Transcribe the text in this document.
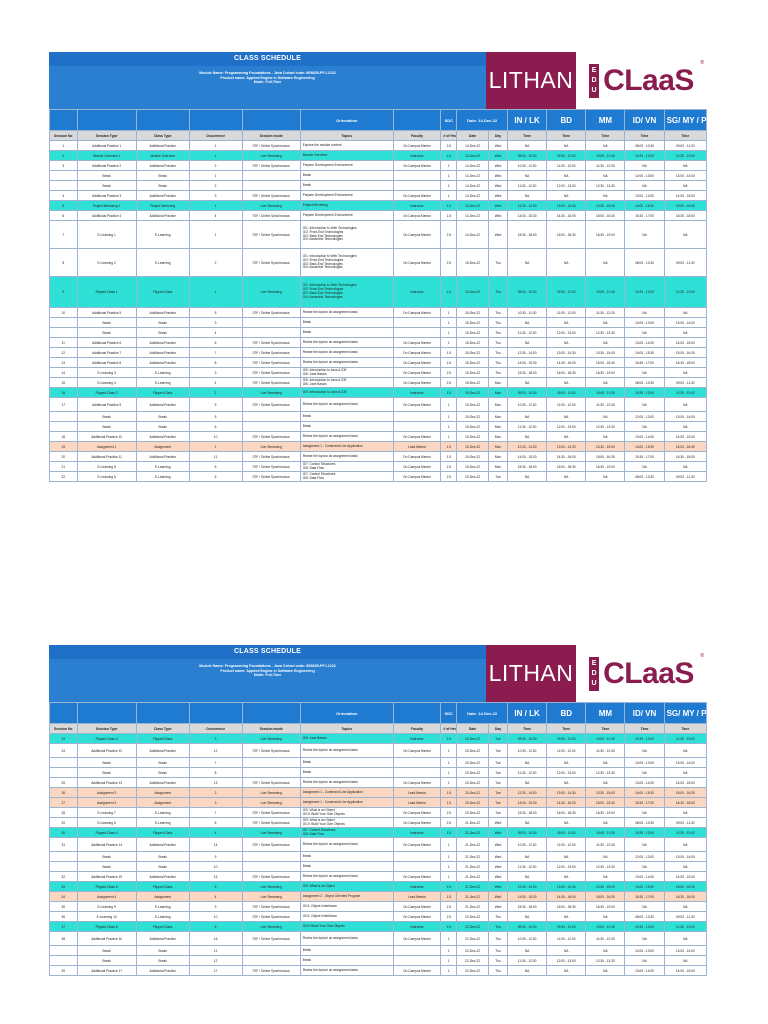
CLASS SCHEDULE
Module Name: Programming Foundations - Java Cohort code: 80982B-PFJ-1222
Product name: Applied Engine in Software Engineering
Mode: Full-Time	LITHAN	E
D
U CLaaS
®
					Orientation		SDC	Date: 14-Dec-22		IN / LK	BD	MM	ID/ VN	SG/ MY / PH / CN
Session No	Session Type	Class Type	Occurrence	Session mode	Topics	Faculty	# of Hrs	Date	Day	Time	Time	Time	Time	Time
1	Additional Practice 1	Additional Practice	1	F2F / Online Synchronous	Explore the module content	On Campus Mentor	2.5	14-Dec-22	Wed	NA	NA	NA	08:00 - 10:30	09:00 - 11:30
2	Module Overview 1	Module Overview	1	Live Streaming	Module Overview	Instructor	1.5	14-Dec-22	Wed	09:00 - 10:30	09:30 - 11:00	10:00 - 11:30	10:30 - 12:00	11:30 - 13:00
3	Additional Practice 2	Additional Practice	2	F2F / Online Synchronous	Prepare Development Environment	On Campus Mentor	1	14-Dec-22	Wed	10:30 - 11:30	11:00 - 12:00	11:30 - 12:30	NA	NA
	Break	Break	1		Break		1	14-Dec-22	Wed	NA	NA	NA	12:00 - 13:00	13:00 - 14:00
	Break	Break	2		Break		1	14-Dec-22	Wed	11:30 - 12:30	12:00 - 13:00	12:30 - 13:30	NA	NA
4	Additional Practice 3	Additional Practice	3	F2F / Online Synchronous	Prepare Development Environment	On Campus Mentor	1	14-Dec-22	Wed	NA	NA	NA	13:00 - 14:00	14:00 - 15:00
5	Project Mentoring 1	Project Mentoring	1	Live Streaming	Project Mentoring	Instructor	1.5	14-Dec-22	Wed	12:30 - 14:00	13:00 - 14:30	13:30 - 15:00	14:00 - 15:30	15:00 - 16:30
6	Additional Practice 4	Additional Practice	4	F2F / Online Synchronous	Prepare Development Environment	On Campus Mentor	1.5	14-Dec-22	Wed	14:00 - 15:30	14:30 - 16:00	15:00 - 16:30	15:30 - 17:00	16:30 - 18:00
7	E-Learning 1	E-Learning	1	F2F / Online Synchronous	G/1: Introduction to Web Technologies
G/2: Front-End Technologies
G/3: Back-End Technologies
G/4: Assemble Technologies	On Campus Mentor	2.5	14-Dec-22	Wed	15:30 - 18:00	16:00 - 18:30	16:30 - 19:00	NA	NA
8	E-Learning 2	E-Learning	2	F2F / Online Synchronous	G/1: Introduction to Web Technologies
G/2: Front-End Technologies
G/3: Back-End Technologies
G/4: Assemble Technologies	On Campus Mentor	2.5	15-Dec-22	Thu	NA	NA	NA	08:00 - 10:30	09:00 - 11:30
9	Flipped Class 1	Flipped Class	1	Live Streaming	G/1: Introduction to Web Technologies
G/2: Front-End Technologies
G/3: Back-End Technologies
G/4: Assemble Technologies	Instructor	1.5	15-Dec-22	Thu	09:00 - 10:30	09:30 - 11:00	10:00 - 11:30	10:30 - 12:00	11:30 - 13:00
10	Additional Practice 5	Additional Practice	5	F2F / Online Synchronous	Revise the topics/ do assignment tasks	On Campus Mentor	1	15-Dec-22	Thu	10:30 - 11:30	11:00 - 12:00	11:30 - 12:30	NA	NA
	Break	Break	3		Break		1	15-Dec-22	Thu	NA	NA	NA	12:00 - 13:00	13:00 - 14:00
	Break	Break	4		Break		1	15-Dec-22	Thu	11:30 - 12:30	12:00 - 13:00	12:30 - 13:30	NA	NA
11	Additional Practice 6	Additional Practice	6	F2F / Online Synchronous	Revise the topics/ do assignment tasks	On Campus Mentor	1	15-Dec-22	Thu	NA	NA	NA	13:00 - 14:00	14:00 - 15:00
12	Additional Practice 7	Additional Practice	7	F2F / Online Synchronous	Revise the topics/ do assignment tasks	On Campus Mentor	1.5	15-Dec-22	Thu	12:30 - 14:00	13:00 - 14:30	13:30 - 15:00	14:00 - 15:30	15:00 - 16:30
13	Additional Practice 8	Additional Practice	8	F2F / Online Synchronous	Revise the topics/ do assignment tasks	On Campus Mentor	1.5	15-Dec-22	Thu	14:00 - 15:30	14:30 - 16:00	15:00 - 16:30	15:30 - 17:00	16:30 - 18:00
14	E-Learning 3	E-Learning	3	F2F / Online Synchronous	G/5: Introduction to Java & IDE
G/6: Java Basics	On Campus Mentor	2.5	15-Dec-22	Thu	15:30 - 18:00	16:00 - 18:30	16:30 - 19:00	NA	NA
15	E-Learning 4	E-Learning	4	F2F / Online Synchronous	G/5: Introduction to Java & IDE
G/6: Java Basics	On Campus Mentor	2.5	19-Dec-22	Mon	NA	NA	NA	08:00 - 10:30	09:00 - 11:30
16	Flipped Class 2	Flipped Class	2	Live Streaming	G/5: Introduction to Java & IDE	Instructor	1.5	19-Dec-22	Mon	09:00 - 10:30	09:30 - 11:00	10:00 - 11:30	10:30 - 12:00	11:30 - 13:00
17	Additional Practice 9	Additional Practice	9	F2F / Online Synchronous	Revise the topics/ do assignment tasks	On Campus Mentor	1	19-Dec-22	Mon	10:30 - 11:30	11:00 - 12:00	11:30 - 12:30	NA	NA
	Break	Break	5		Break		1	19-Dec-22	Mon	NA	NA	NA	12:00 - 13:00	13:00 - 14:00
	Break	Break	6		Break		1	19-Dec-22	Mon	11:30 - 12:30	12:00 - 13:00	12:30 - 13:30	NA	NA
18	Additional Practice 10	Additional Practice	10	F2F / Online Synchronous	Revise the topics/ do assignment tasks	On Campus Mentor	1	19-Dec-22	Mon	NA	NA	NA	13:00 - 14:00	14:00 - 15:00
19	Assignment 1	Assignment	1	Live Streaming	Assignment 1 - Command Line Application	Lead Mentor	1.5	19-Dec-22	Mon	12:30 - 14:00	13:00 - 14:30	13:30 - 15:00	14:00 - 15:30	15:00 - 16:30
20	Additional Practice 11	Additional Practice	11	F2F / Online Synchronous	Revise the topics/ do assignment tasks	On Campus Mentor	1.5	19-Dec-22	Mon	14:00 - 15:30	14:30 - 16:00	15:00 - 16:30	15:30 - 17:00	16:30 - 18:00
21	E-Learning 5	E-Learning	5	F2F / Online Synchronous	G/7: Control Structures
G/8: Data Flow	On Campus Mentor	2.5	19-Dec-22	Mon	15:30 - 18:00	16:00 - 18:30	16:30 - 19:00	NA	NA
22	E-Learning 6	E-Learning	6	F2F / Online Synchronous	G/7: Control Structures
G/8: Data Flow	On Campus Mentor	2.5	20-Dec-22	Tue	NA	NA	NA	08:00 - 10:30	09:00 - 11:30
CLASS SCHEDULE
Module Name: Programming Foundations - Java Cohort code: 80982B-PFJ-1222
Product name: Applied Engine in Software Engineering
Mode: Full-Time	LITHAN	E
D
U CLaaS
®
					Orientation		SDC	Date: 14-Dec-22		IN / LK	BD	MM	ID/ VN	SG/ MY / PH / CN
Session No	Session Type	Class Type	Occurrence	Session mode	Topics	Faculty	# of Hrs	Date	Day	Time	Time	Time	Time	Time
23	Flipped Class 3	Flipped Class	3	Live Streaming	G/6: Java Basics	Instructor	1.5	20-Dec-22	Tue	09:00 - 10:30	09:30 - 11:00	10:00 - 11:30	10:30 - 12:00	11:30 - 13:00
24	Additional Practice 12	Additional Practice	12	F2F / Online Synchronous	Revise the topics/ do assignment tasks	On Campus Mentor	1	20-Dec-22	Tue	10:30 - 11:30	11:00 - 12:00	11:30 - 12:30	NA	NA
	Break	Break	7		Break		1	20-Dec-22	Tue	NA	NA	NA	12:00 - 13:00	13:00 - 14:00
	Break	Break	8		Break		1	20-Dec-22	Tue	11:30 - 12:30	12:00 - 13:00	12:30 - 13:30	NA	NA
25	Additional Practice 13	Additional Practice	13	F2F / Online Synchronous	Revise the topics/ do assignment tasks	On Campus Mentor	1	20-Dec-22	Tue	NA	NA	NA	13:00 - 14:00	14:00 - 15:00
26	Assignment 2	Assignment	2	Live Streaming	Assignment 1 - Command Line Application	Lead Mentor	1.5	20-Dec-22	Tue	12:30 - 14:00	13:00 - 14:30	13:30 - 15:00	14:00 - 15:30	15:00 - 16:30
27	Assignment 3	Assignment	3	Live Streaming	Assignment 1 - Command Line Application	Lead Mentor	1.5	20-Dec-22	Tue	14:00 - 15:30	14:30 - 16:00	15:00 - 16:30	15:30 - 17:00	16:30 - 18:00
28	E-Learning 7	E-Learning	7	F2F / Online Synchronous	G/9: What is an Object
G/10: Build Your Own Objects	On Campus Mentor	2.5	20-Dec-22	Tue	15:30 - 18:00	16:00 - 18:30	16:30 - 19:00	NA	NA
29	E-Learning 8	E-Learning	8	F2F / Online Synchronous	G/9: What is an Object
G/10: Build Your Own Objects	On Campus Mentor	2.5	21-Dec-22	Wed	NA	NA	NA	08:00 - 10:30	09:00 - 11:30
30	Flipped Class 4	Flipped Class	4	Live Streaming	G/7: Control Structures
G/8: Data Flow	Instructor	1.5	21-Dec-22	Wed	09:00 - 10:30	09:30 - 11:00	10:00 - 11:30	10:30 - 12:00	11:30 - 13:00
31	Additional Practice 14	Additional Practice	14	F2F / Online Synchronous	Revise the topics/ do assignment tasks	On Campus Mentor	1	21-Dec-22	Wed	10:30 - 11:30	11:00 - 12:00	11:30 - 12:30	NA	NA
	Break	Break	9		Break		1	21-Dec-22	Wed	NA	NA	NA	12:00 - 13:00	13:00 - 14:00
	Break	Break	10		Break		1	21-Dec-22	Wed	11:30 - 12:30	12:00 - 13:00	12:30 - 13:30	NA	NA
32	Additional Practice 15	Additional Practice	15	F2F / Online Synchronous	Revise the topics/ do assignment tasks	On Campus Mentor	1	21-Dec-22	Wed	NA	NA	NA	13:00 - 14:00	14:00 - 15:00
33	Flipped Class 5	Flipped Class	5	Live Streaming	G/9: What is an Object	Instructor	1.5	21-Dec-22	Wed	12:30 - 14:00	13:00 - 14:30	13:30 - 15:00	14:00 - 15:30	15:00 - 16:30
34	Assignment 4	Assignment	4	Live Streaming	Assignment 2 - Object Oriented Program	Lead Mentor	1.5	21-Dec-22	Wed	14:00 - 15:30	14:30 - 16:00	15:00 - 16:30	15:30 - 17:00	16:30 - 18:00
35	E-Learning 9	E-Learning	9	F2F / Online Synchronous	G/11: Object Inheritance	On Campus Mentor	2.5	21-Dec-22	Wed	15:30 - 18:00	16:00 - 18:30	16:30 - 19:00	NA	NA
36	E-Learning 10	E-Learning	10	F2F / Online Synchronous	G/11: Object Inheritance	On Campus Mentor	2.5	22-Dec-22	Thu	NA	NA	NA	08:00 - 10:30	09:00 - 11:30
37	Flipped Class 6	Flipped Class	6	Live Streaming	G/10: Build Your Own Objects	Instructor	1.5	22-Dec-22	Thu	09:00 - 10:30	09:30 - 11:00	10:00 - 11:30	10:30 - 12:00	11:30 - 13:00
38	Additional Practice 16	Additional Practice	16	F2F / Online Synchronous	Revise the topics/ do assignment tasks	On Campus Mentor	1	22-Dec-22	Thu	10:30 - 11:30	11:00 - 12:00	11:30 - 12:30	NA	NA
	Break	Break	11		Break		1	22-Dec-22	Thu	NA	NA	NA	12:00 - 13:00	13:00 - 14:00
	Break	Break	12		Break		1	22-Dec-22	Thu	11:30 - 12:30	12:00 - 13:00	12:30 - 13:30	NA	NA
39	Additional Practice 17	Additional Practice	17	F2F / Online Synchronous	Revise the topics/ do assignment tasks	On Campus Mentor	1	22-Dec-22	Thu	NA	NA	NA	13:00 - 14:00	14:00 - 15:00
